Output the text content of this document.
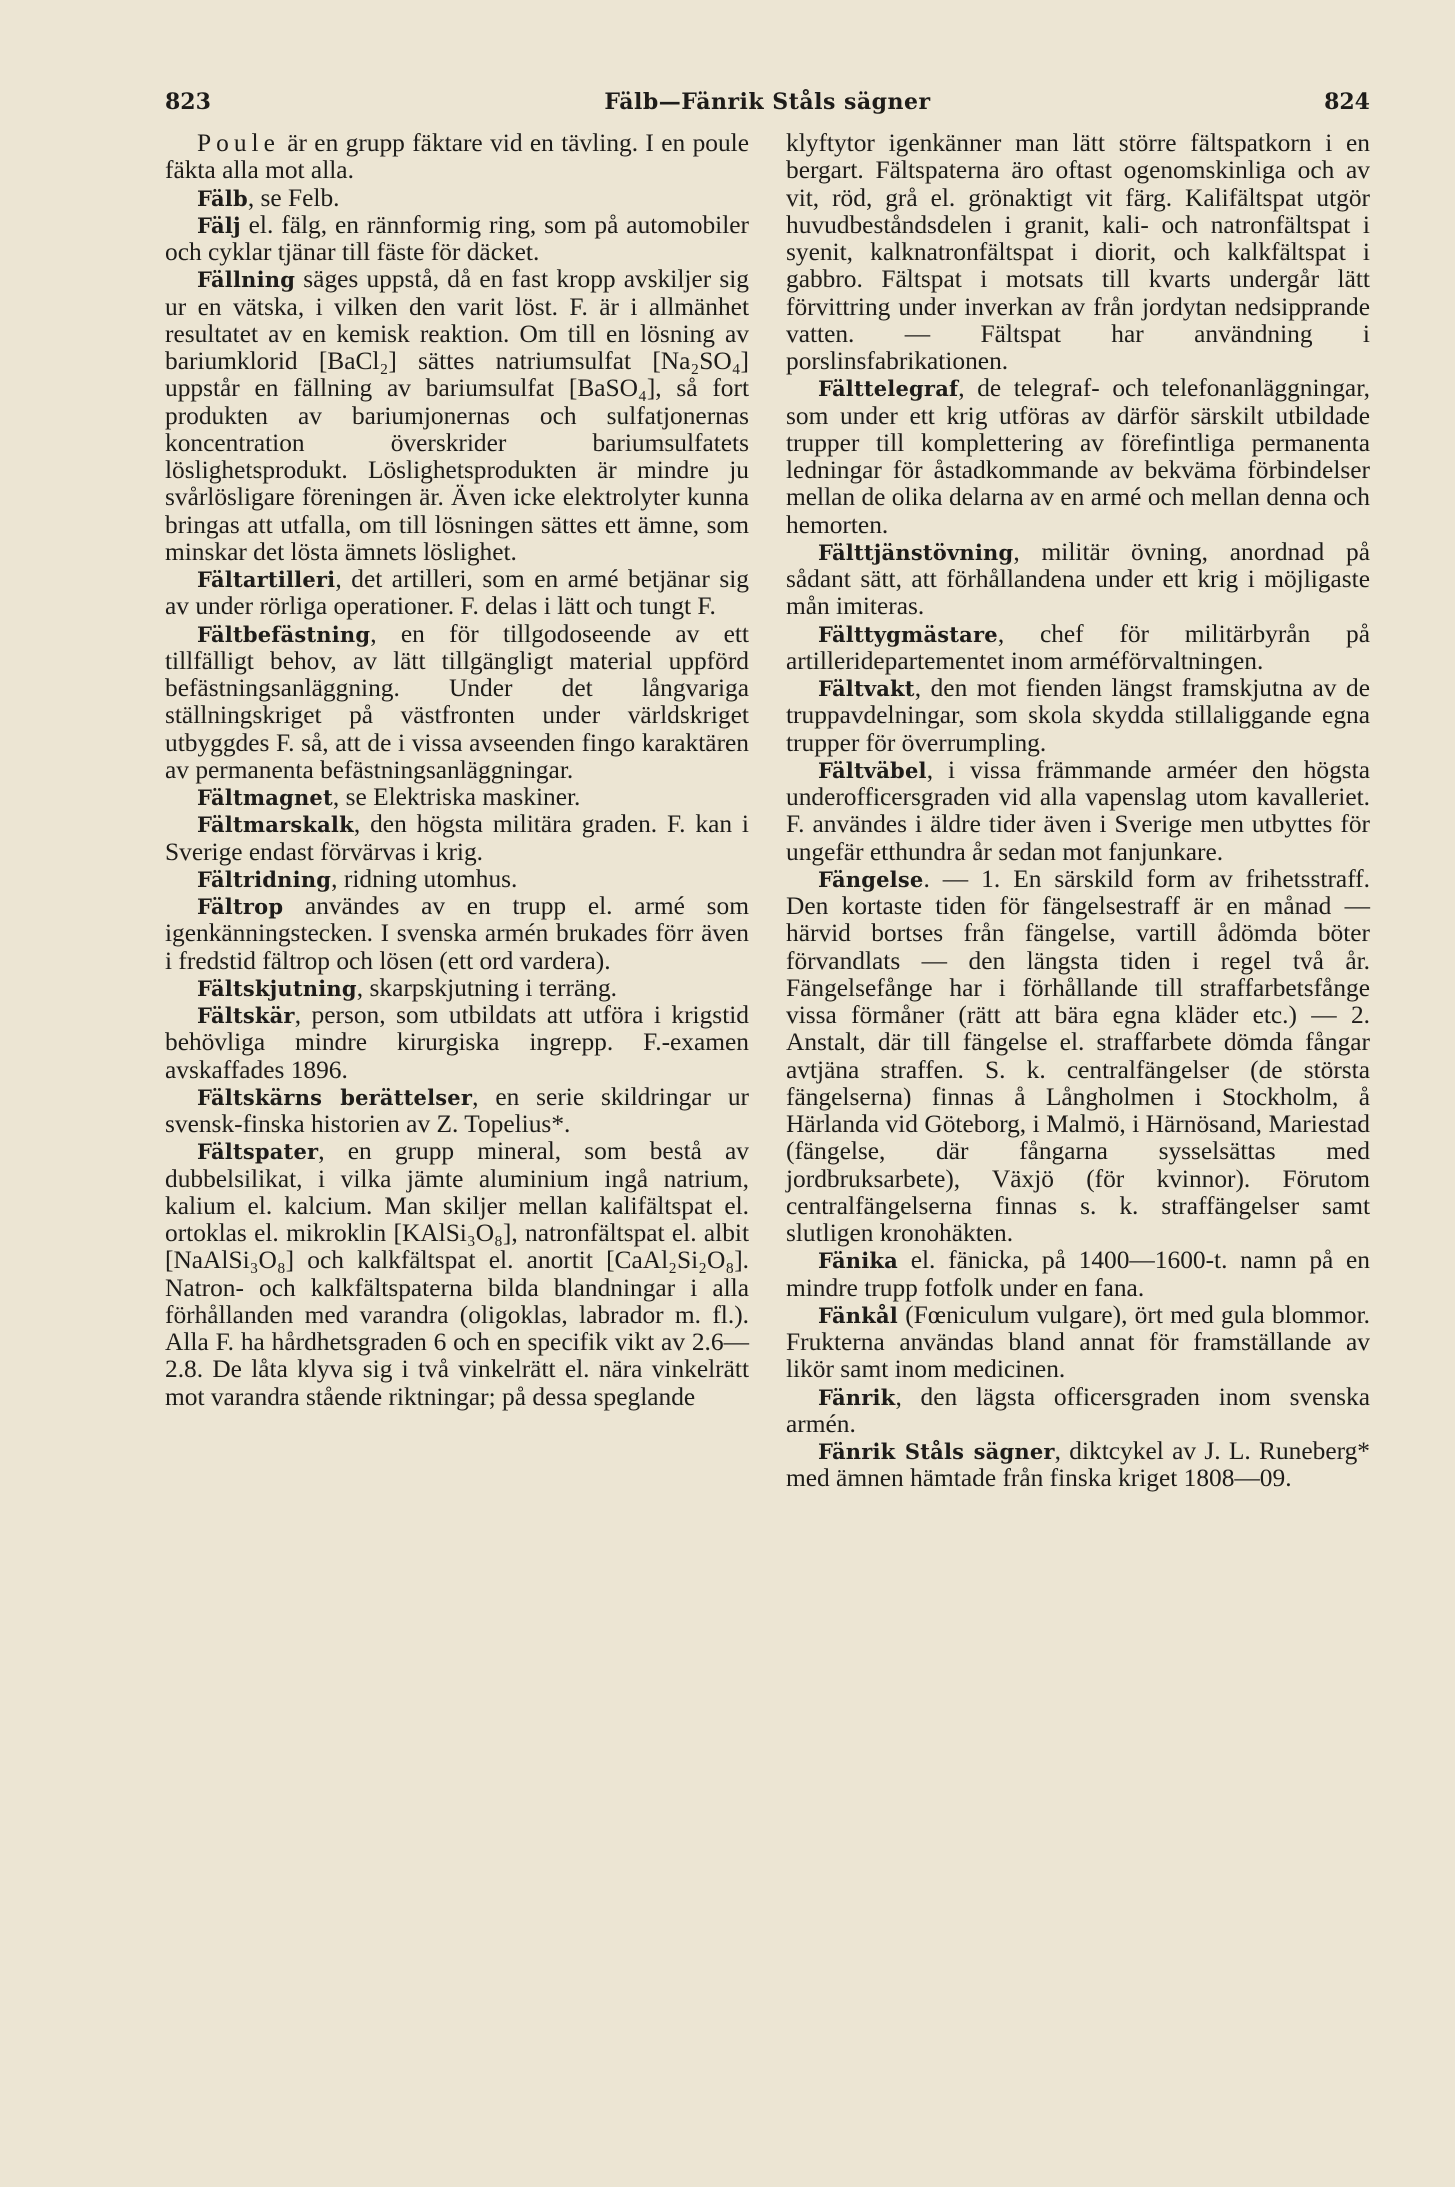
823	Fälb—Fänrik Ståls sägner	824

Poule är en grupp fäktare vid en tävling. I en poule fäkta alla mot alla.

Fälb, se Felb.

Fälj el. fälg, en rännformig ring, som på automobiler och cyklar tjänar till fäste för däcket.

Fällning säges uppstå, då en fast kropp avskiljer sig ur en vätska, i vilken den varit löst. F. är i allmänhet resultatet av en kemisk reaktion. Om till en lösning av bariumklorid [BaCl₂] sättes natriumsulfat [Na₂SO₄] uppstår en fällning av bariumsulfat [BaSO₄], så fort produkten av bariumjonernas och sulfatjonernas koncentration överskrider bariumsulfatets löslighetsprodukt. Löslighetsprodukten är mindre ju svårlösligare föreningen är. Även icke elektrolyter kunna bringas att utfalla, om till lösningen sättes ett ämne, som minskar det lösta ämnets löslighet.

Fältartilleri, det artilleri, som en armé betjänar sig av under rörliga operationer. F. delas i lätt och tungt F.

Fältbefästning, en för tillgodoseende av ett tillfälligt behov, av lätt tillgängligt material uppförd befästningsanläggning. Under det långvariga ställningskriget på västfronten under världskriget utbyggdes F. så, att de i vissa avseenden fingo karaktären av permanenta befästningsanläggningar.

Fältmagnet, se Elektriska maskiner.

Fältmarskalk, den högsta militära graden. F. kan i Sverige endast förvärvas i krig.

Fältridning, ridning utomhus.

Fältrop användes av en trupp el. armé som igenkänningstecken. I svenska armén brukades förr även i fredstid fältrop och lösen (ett ord vardera).

Fältskjutning, skarpskjutning i terräng.

Fältskär, person, som utbildats att utföra i krigstid behövliga mindre kirurgiska ingrepp. F.-examen avskaffades 1896.

Fältskärns berättelser, en serie skildringar ur svensk-finska historien av Z. Topelius*.

Fältspater, en grupp mineral, som bestå av dubbelsilikat, i vilka jämte aluminium ingå natrium, kalium el. kalcium. Man skiljer mellan kalifältspat el. ortoklas el. mikroklin [KAlSi₃O₈], natronfältspat el. albit [NaAlSi₃O₈] och kalkfältspat el. anortit [CaAl₂Si₂O₈]. Natron- och kalkfältspaterna bilda blandningar i alla förhållanden med varandra (oligoklas, labrador m. fl.). Alla F. ha hårdhetsgraden 6 och en specifik vikt av 2.6—2.8. De låta klyva sig i två vinkelrätt el. nära vinkelrätt mot varandra stående riktningar; på dessa speglande

klyftytor igenkänner man lätt större fältspatkorn i en bergart. Fältspaterna äro oftast ogenomskinliga och av vit, röd, grå el. grönaktigt vit färg. Kalifältspat utgör huvudbeståndsdelen i granit, kali- och natronfältspat i syenit, kalknatronfältspat i diorit, och kalkfältspat i gabbro. Fältspat i motsats till kvarts undergår lätt förvittring under inverkan av från jordytan nedsipprande vatten. — Fältspat har användning i porslinsfabrikationen.

Fälttelegraf, de telegraf- och telefonanläggningar, som under ett krig utföras av därför särskilt utbildade trupper till komplettering av förefintliga permanenta ledningar för åstadkommande av bekväma förbindelser mellan de olika delarna av en armé och mellan denna och hemorten.

Fälttjänstövning, militär övning, anordnad på sådant sätt, att förhållandena under ett krig i möjligaste mån imiteras.

Fälttygmästare, chef för militärbyrån på artilleridepartementet inom arméförvaltningen.

Fältvakt, den mot fienden längst framskjutna av de truppavdelningar, som skola skydda stillaliggande egna trupper för överrumpling.

Fältväbel, i vissa främmande arméer den högsta underofficersgraden vid alla vapenslag utom kavalleriet. F. användes i äldre tider även i Sverige men utbyttes för ungefär etthundra år sedan mot fanjunkare.

Fängelse. — 1. En särskild form av frihetsstraff. Den kortaste tiden för fängelsestraff är en månad — härvid bortses från fängelse, vartill ådömda böter förvandlats — den längsta tiden i regel två år. Fängelsefånge har i förhållande till straffarbetsfånge vissa förmåner (rätt att bära egna kläder etc.) — 2. Anstalt, där till fängelse el. straffarbete dömda fångar avtjäna straffen. S. k. centralfängelser (de största fängelserna) finnas å Långholmen i Stockholm, å Härlanda vid Göteborg, i Malmö, i Härnösand, Mariestad (fängelse, där fångarna sysselsättas med jordbruksarbete), Växjö (för kvinnor). Förutom centralfängelserna finnas s. k. straffängelser samt slutligen kronohäkten.

Fänika el. fänicka, på 1400—1600-t. namn på en mindre trupp fotfolk under en fana.

Fänkål (Fœniculum vulgare), ört med gula blommor. Frukterna användas bland annat för framställande av likör samt inom medicinen.

Fänrik, den lägsta officersgraden inom svenska armén.

Fänrik Ståls sägner, diktcykel av J. L. Runeberg* med ämnen hämtade från finska kriget 1808—09.
